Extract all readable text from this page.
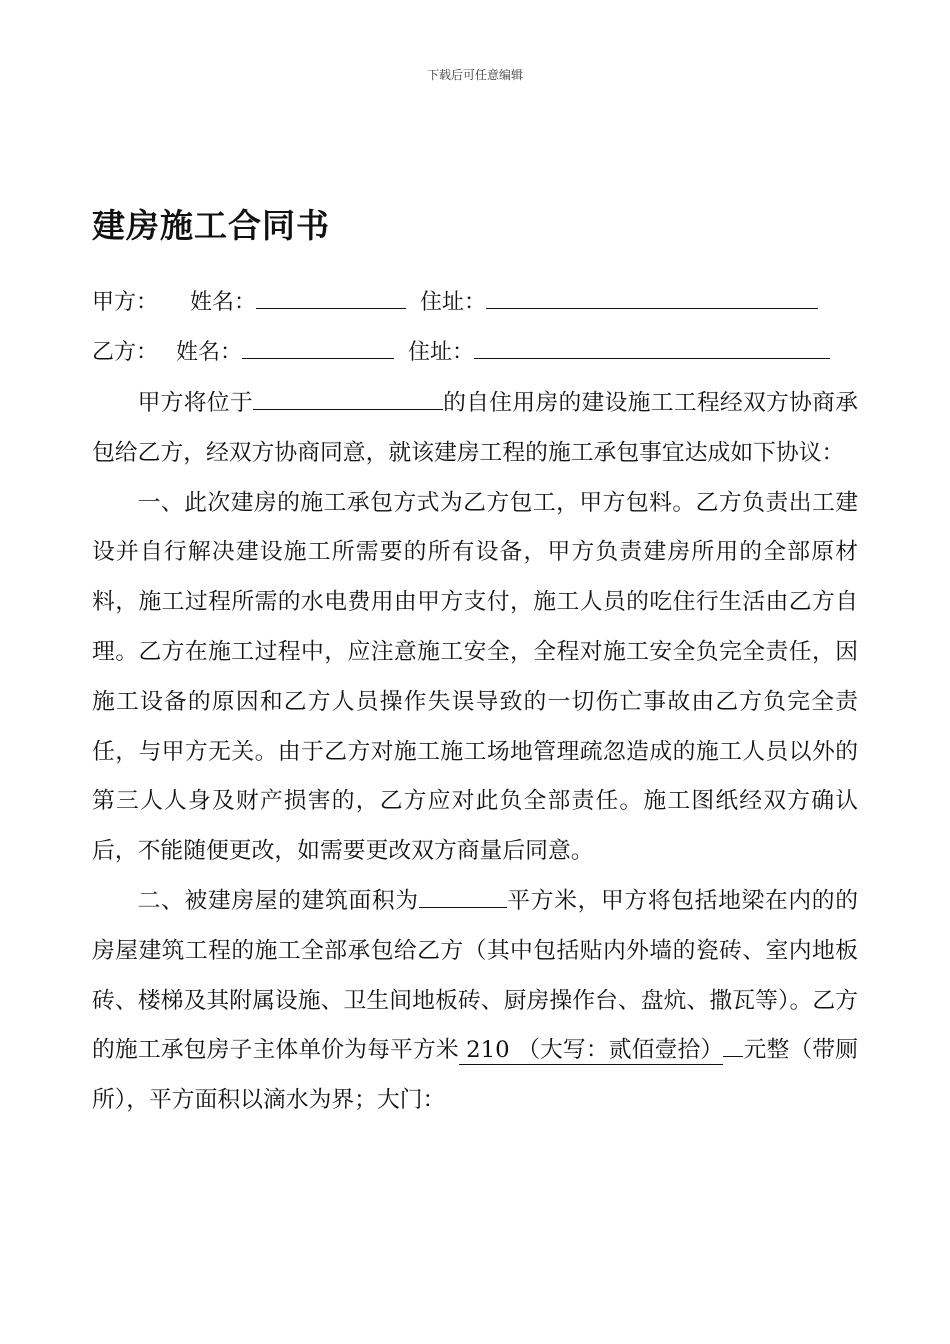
下载后可任意编辑
建房施工合同书
甲方： 姓名：	住址：
乙方： 姓名：	住址：

甲方将位于	的自住用房的建设施工工程经双方协商承包给乙方，经双方协商同意，就该建房工程的施工承包事宜达成如下协议：

一、此次建房的施工承包方式为乙方包工，甲方包料。乙方负责出工建设并自行解决建设施工所需要的所有设备，甲方负责建房所用的全部原材料，施工过程所需的水电费用由甲方支付，施工人员的吃住行生活由乙方自理。乙方在施工过程中，应注意施工安全，全程对施工安全负完全责任，因施工设备的原因和乙方人员操作失误导致的一切伤亡事故由乙方负完全责任，与甲方无关。由于乙方对施工施工场地管理疏忽造成的施工人员以外的第三人人身及财产损害的，乙方应对此负全部责任。施工图纸经双方确认后，不能随便更改，如需要更改双方商量后同意。

二、被建房屋的建筑面积为	平方米，甲方将包括地梁在内的的房屋建筑工程的施工全部承包给乙方（其中包括贴内外墙的瓷砖、室内地板砖、楼梯及其附属设施、卫生间地板砖、厨房操作台、盘炕、撒瓦等）。乙方的施工承包房子主体单价为每平方米 210 （大写：贰佰壹拾） 元整（带厕所），平方面积以滴水为界；大门：
